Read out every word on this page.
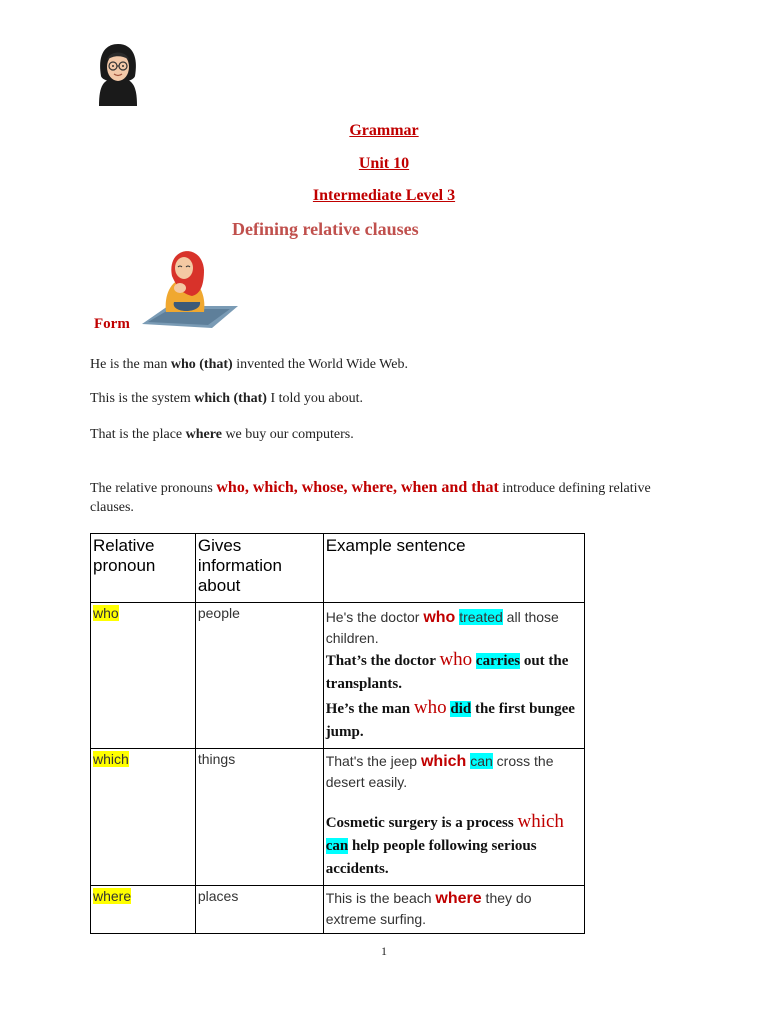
Grammar
Unit 10
Intermediate Level 3
Defining relative clauses
Form
He is the man who (that) invented the World Wide Web.
This is the system which (that) I told you about.
That is the place where we buy our computers.
The relative pronouns who, which, whose, where, when and that introduce defining relative clauses.
Relative pronoun	Gives information about	Example sentence
who	people	He's the doctor who treated all those children.
That’s the doctor who carries out the transplants.
He’s the man who did the first bungee jump.

which	things	That's the jeep which can cross the desert easily.
Cosmetic surgery is a process which can help people following serious accidents.

where	places	This is the beach where they do extreme surfing.
1
